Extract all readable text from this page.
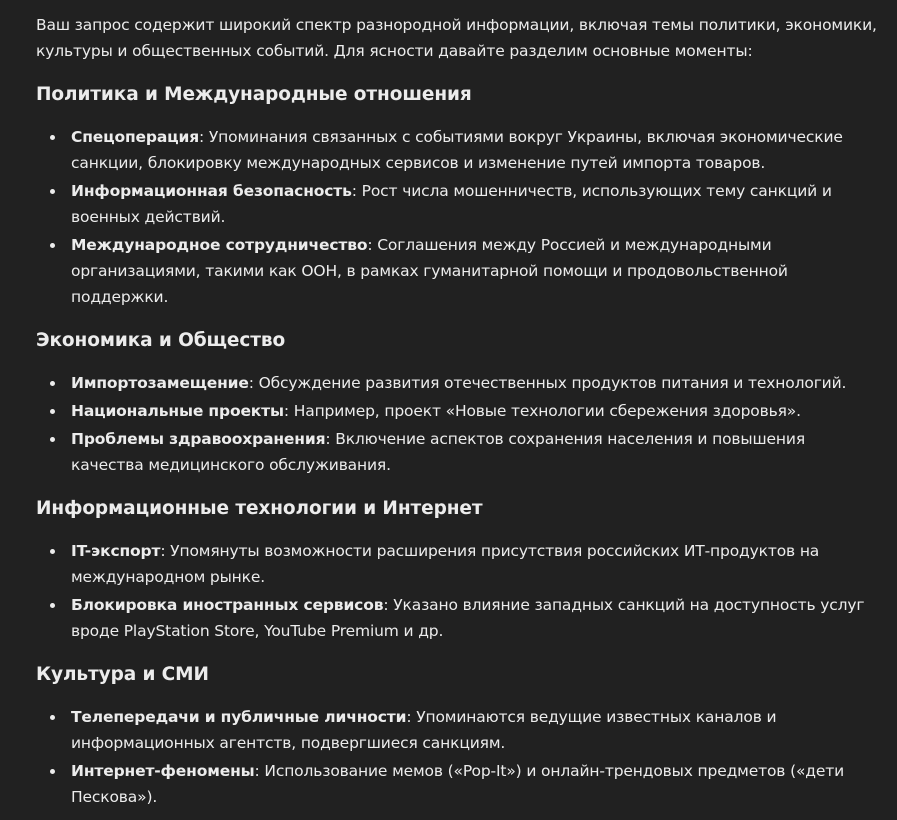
Ваш запрос содержит широкий спектр разнородной информации, включая темы политики, экономики, культуры и общественных событий. Для ясности давайте разделим основные моменты:

Политика и Международные отношения
Спецоперация: Упоминания связанных с событиями вокруг Украины, включая экономические санкции, блокировку международных сервисов и изменение путей импорта товаров.
Информационная безопасность: Рост числа мошенничеств, использующих тему санкций и военных действий.
Международное сотрудничество: Соглашения между Россией и международными организациями, такими как ООН, в рамках гуманитарной помощи и продовольственной поддержки.
Экономика и Общество
Импортозамещение: Обсуждение развития отечественных продуктов питания и технологий.
Национальные проекты: Например, проект «Новые технологии сбережения здоровья».
Проблемы здравоохранения: Включение аспектов сохранения населения и повышения качества медицинского обслуживания.
Информационные технологии и Интернет
IT-экспорт: Упомянуты возможности расширения присутствия российских ИТ-продуктов на международном рынке.
Блокировка иностранных сервисов: Указано влияние западных санкций на доступность услуг вроде PlayStation Store, YouTube Premium и др.
Культура и СМИ
Телепередачи и публичные личности: Упоминаются ведущие известных каналов и информационных агентств, подвергшиеся санкциям.
Интернет-феномены: Использование мемов («Pop-It») и онлайн-трендовых предметов («дети Пескова»).
